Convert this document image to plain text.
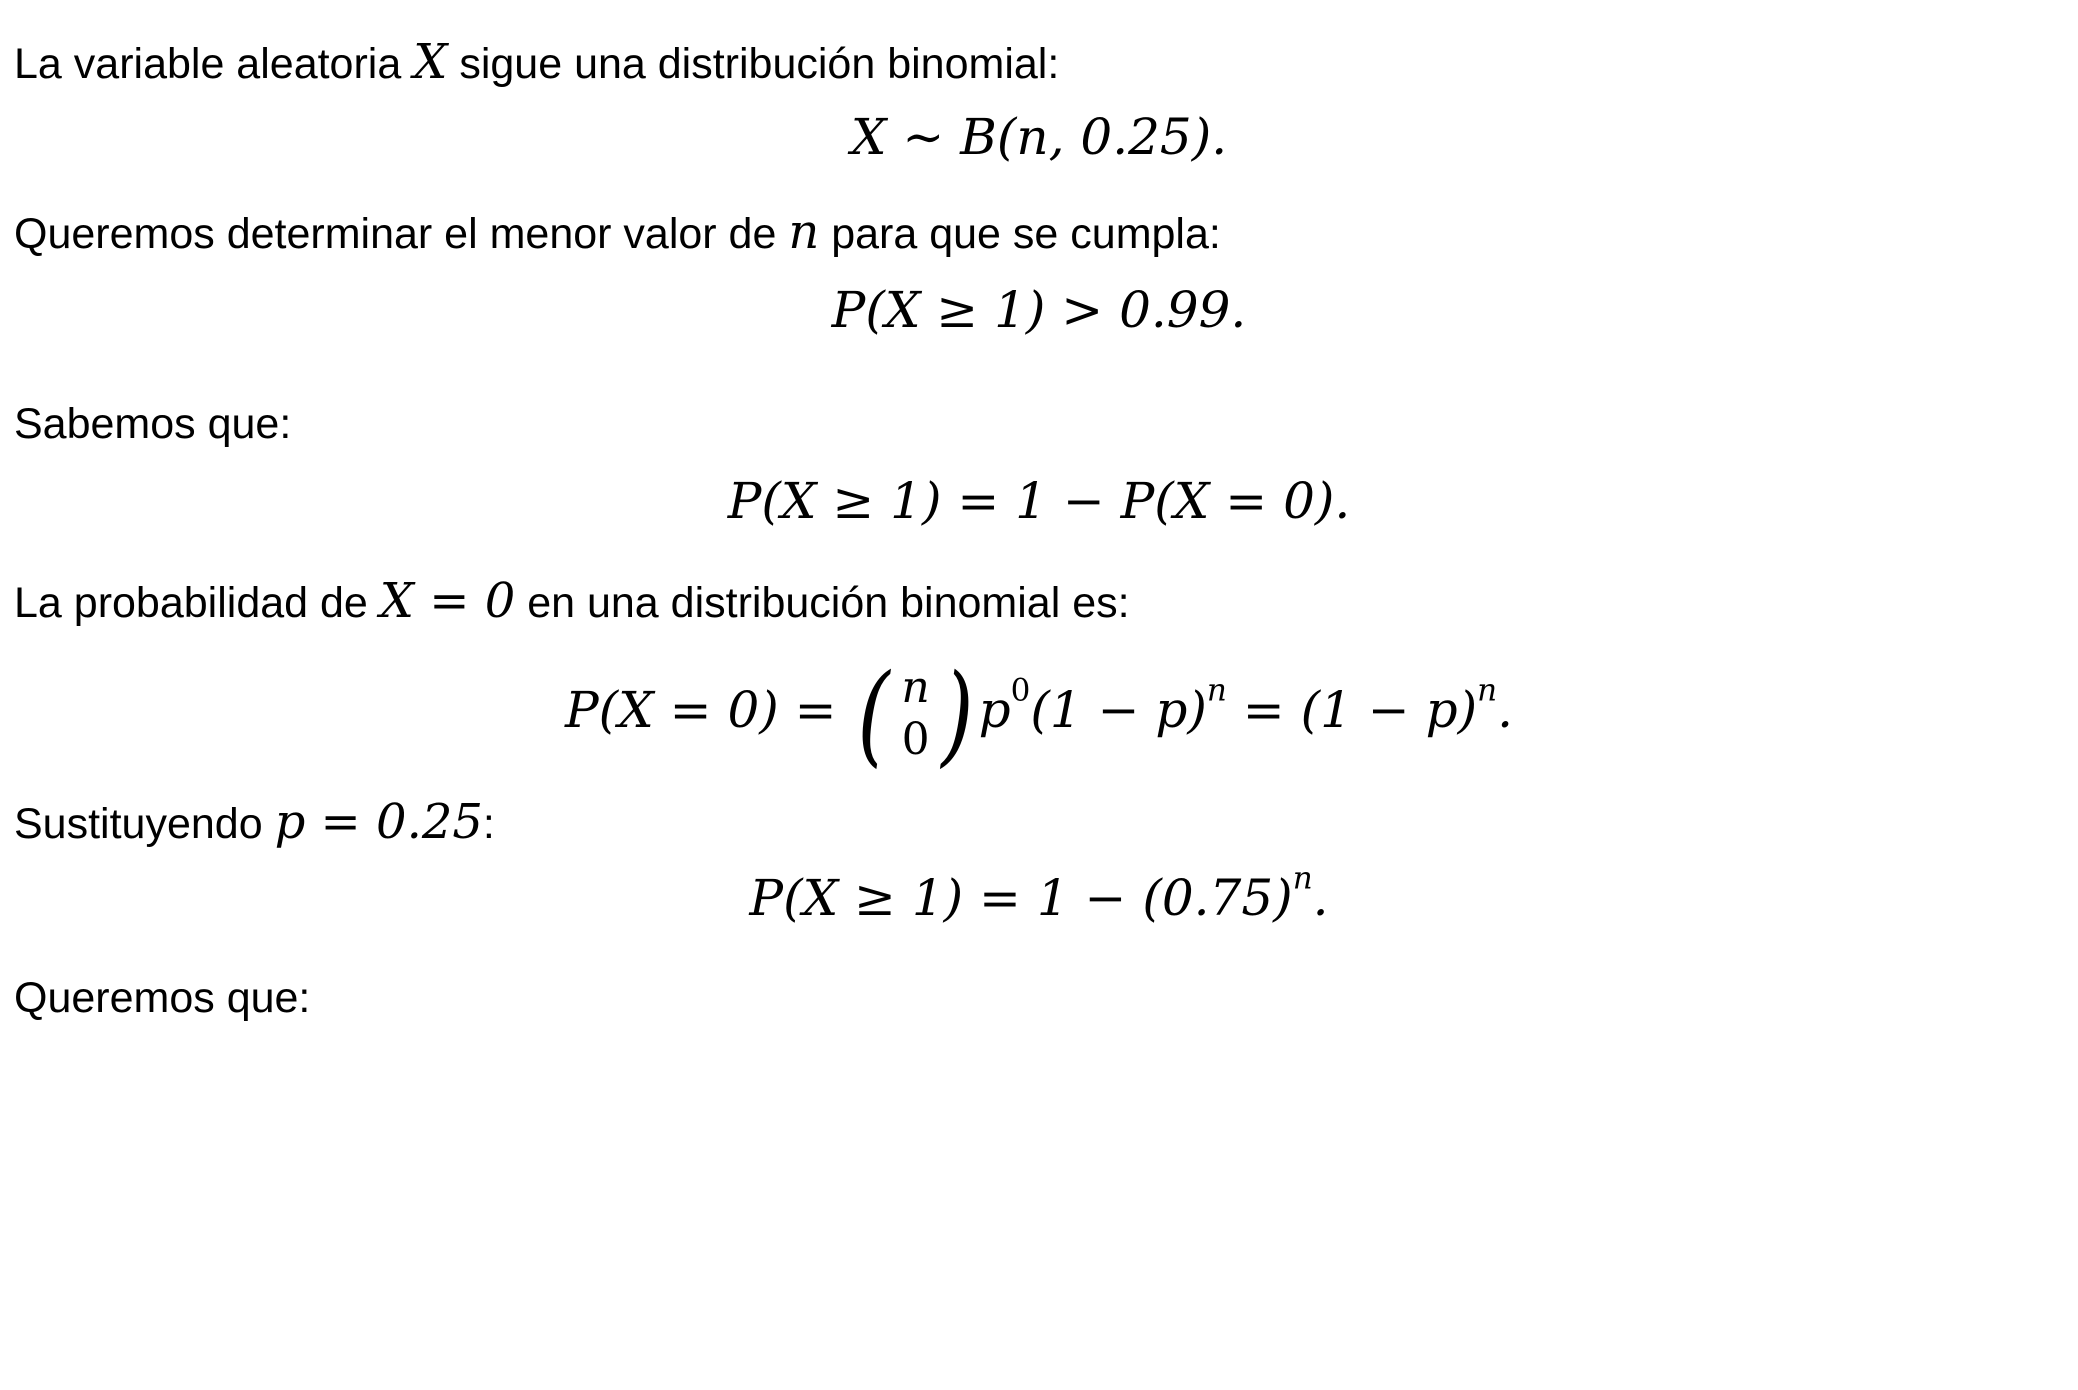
La variable aleatoria X sigue una distribución binomial:
X ∼ B(n, 0.25).
Queremos determinar el menor valor de n para que se cumpla:
P(X ≥ 1) > 0.99.
Sabemos que:
P(X ≥ 1) = 1 − P(X = 0).
La probabilidad de X = 0 en una distribución binomial es:
P(X = 0) = ( n
0 ) $p^0(1 - p)^n = (1 - p)^n$.
Sustituyendo p = 0.25:
$P(X \ge 1) = 1 - (0.75)^n$.
Queremos que:
